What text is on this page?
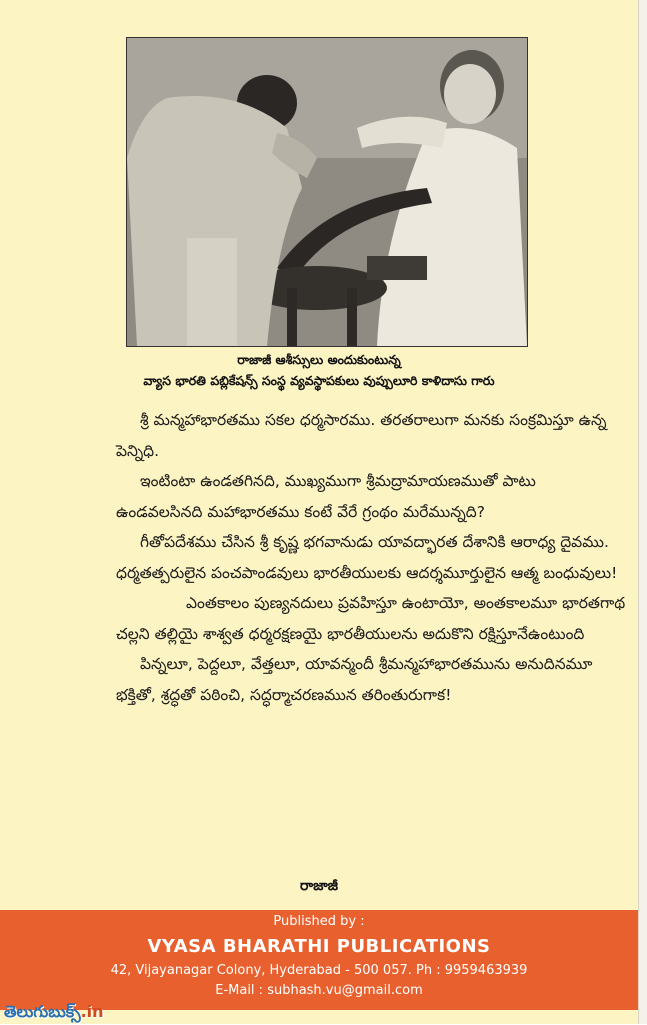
రాజాజీ ఆశీస్సులు అందుకుంటున్న
వ్యాస భారతి పబ్లికేషన్స్ సంస్థ వ్యవస్థాపకులు వుప్పులూరి కాళిదాసు గారు

శ్రీ మన్మహాభారతము సకల ధర్మసారము. తరతరాలుగా మనకు సంక్రమిస్తూ ఉన్న పెన్నిధి.

ఇంటింటా ఉండతగినది, ముఖ్యముగా శ్రీమద్రామాయణముతో పాటు ఉండవలసినది మహాభారతము కంటే వేరే గ్రంథం మరేమున్నది?

గీతోపదేశము చేసిన శ్రీ కృష్ణ భగవానుడు యావద్భారత దేశానికి ఆరాధ్య దైవము. ధర్మతత్పరులైన పంచపాండవులు భారతీయులకు ఆదర్శమూర్తులైన ఆత్మ బంధువులు!

ఎంతకాలం పుణ్యనదులు ప్రవహిస్తూ ఉంటాయో, అంతకాలమూ భారతగాథ చల్లని తల్లియై శాశ్వత ధర్మరక్షణయై భారతీయులను అదుకొని రక్షిస్తూనేఉంటుంది

పిన్నలూ, పెద్దలూ, వేత్తలూ, యావన్మందీ శ్రీమన్మహాభారతమును అనుదినమూ భక్తితో, శ్రద్ధతో పఠించి, సద్ధర్మాచరణమున తరింతురుగాక!

రాజాజీ
Published by :
VYASA BHARATHI PUBLICATIONS
42, Vijayanagar Colony, Hyderabad - 500 057. Ph : 9959463939
E-Mail : subhash.vu@gmail.com
తెలుగుబుక్స్.in
